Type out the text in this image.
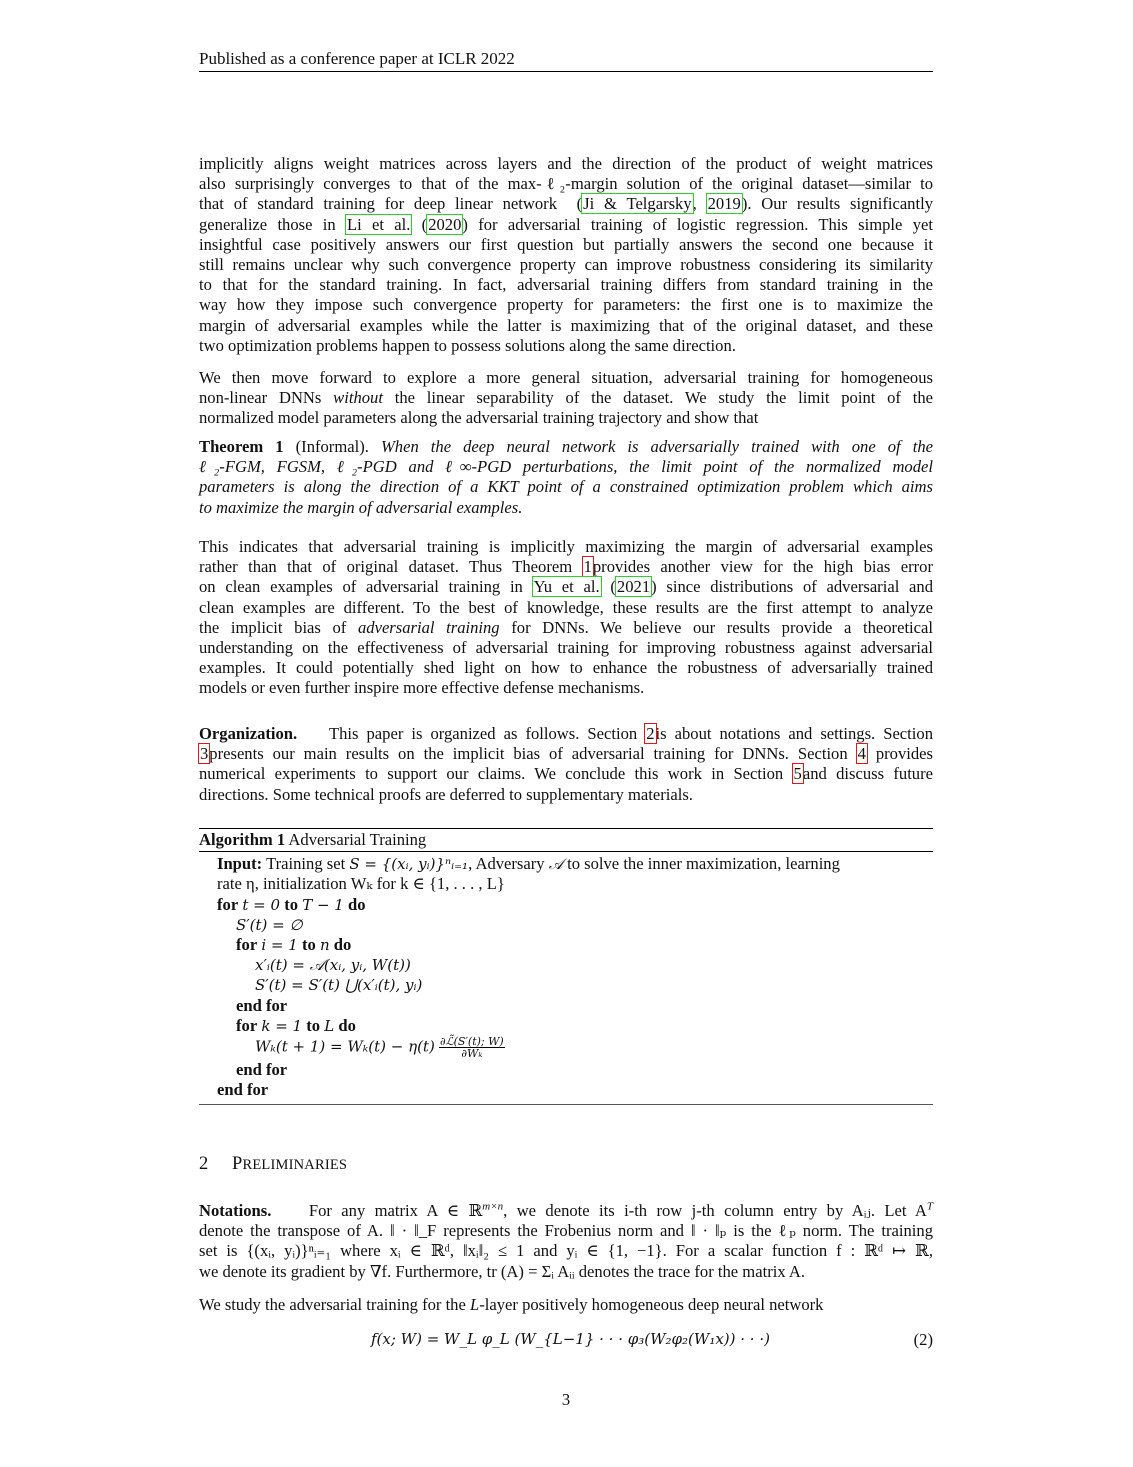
Published as a conference paper at ICLR 2022
implicitly aligns weight matrices across layers and the direction of the product of weight matrices
also surprisingly converges to that of the max-ℓ₂-margin solution of the original dataset—similar to
that of standard training for deep linear network  (Ji & Telgarsky, 2019). Our results significantly
generalize those in Li et al. (2020) for adversarial training of logistic regression. This simple yet
insightful case positively answers our first question but partially answers the second one because it
still remains unclear why such convergence property can improve robustness considering its similarity
to that for the standard training. In fact, adversarial training differs from standard training in the
way how they impose such convergence property for parameters: the first one is to maximize the
margin of adversarial examples while the latter is maximizing that of the original dataset, and these
two optimization problems happen to possess solutions along the same direction.
We then move forward to explore a more general situation, adversarial training for homogeneous
non-linear DNNs without the linear separability of the dataset. We study the limit point of the
normalized model parameters along the adversarial training trajectory and show that
Theorem 1 (Informal). When the deep neural network is adversarially trained with one of the
ℓ₂-FGM, FGSM, ℓ₂-PGD and ℓ∞-PGD perturbations, the limit point of the normalized model
parameters is along the direction of a KKT point of a constrained optimization problem which aims
to maximize the margin of adversarial examples.
This indicates that adversarial training is implicitly maximizing the margin of adversarial examples
rather than that of original dataset. Thus Theorem 1provides another view for the high bias error
on clean examples of adversarial training in Yu et al. (2021) since distributions of adversarial and
clean examples are different. To the best of knowledge, these results are the first attempt to analyze
the implicit bias of adversarial training for DNNs. We believe our results provide a theoretical
understanding on the effectiveness of adversarial training for improving robustness against adversarial
examples. It could potentially shed light on how to enhance the robustness of adversarially trained
models or even further inspire more effective defense mechanisms.
Organization. This paper is organized as follows. Section 2is about notations and settings. Section
3presents our main results on the implicit bias of adversarial training for DNNs. Section 4 provides
numerical experiments to support our claims. We conclude this work in Section 5and discuss future
directions. Some technical proofs are deferred to supplementary materials.
Algorithm 1 Adversarial Training
Input: Training set S = {(xᵢ, yᵢ)}ⁿᵢ₌₁, Adversary 𝒜 to solve the inner maximization, learning
rate η, initialization Wₖ for k ∈ {1, . . . , L}
for t = 0 to T − 1 do
S′(t) = ∅
for i = 1 to n do
x′ᵢ(t) = 𝒜(xᵢ, yᵢ, W(t))
S′(t) = S′(t) ⋃(x′ᵢ(t), yᵢ)
end for
for k = 1 to L do
$W_k(t + 1) = W_k(t) - \eta(t) \frac{\text{∂ℒ̃(S′(t); W)}}{\text{∂Wₖ}}$
end for
end for
2 PRELIMINARIES
Notations. For any matrix A ∈ ℝ$^{m\times n}$, we denote its i-th row j-th column entry by Aᵢⱼ. Let $A^T$
denote the transpose of A. ‖ · ‖_F represents the Frobenius norm and ‖ · ‖ₚ is the ℓₚ norm. The training
set is {(xᵢ, yᵢ)}ⁿᵢ₌₁ where xᵢ ∈ ℝᵈ, ‖xᵢ‖₂ ≤ 1 and yᵢ ∈ {1, −1}. For a scalar function f : ℝᵈ ↦ ℝ,
we denote its gradient by ∇f. Furthermore, tr (A) = Σᵢ Aᵢᵢ denotes the trace for the matrix A.
We study the adversarial training for the L-layer positively homogeneous deep neural network
f(x; W) = W_L φ_L (W_{L−1} · · · φ₃(W₂φ₂(W₁x)) · · ·)	(2)
3
